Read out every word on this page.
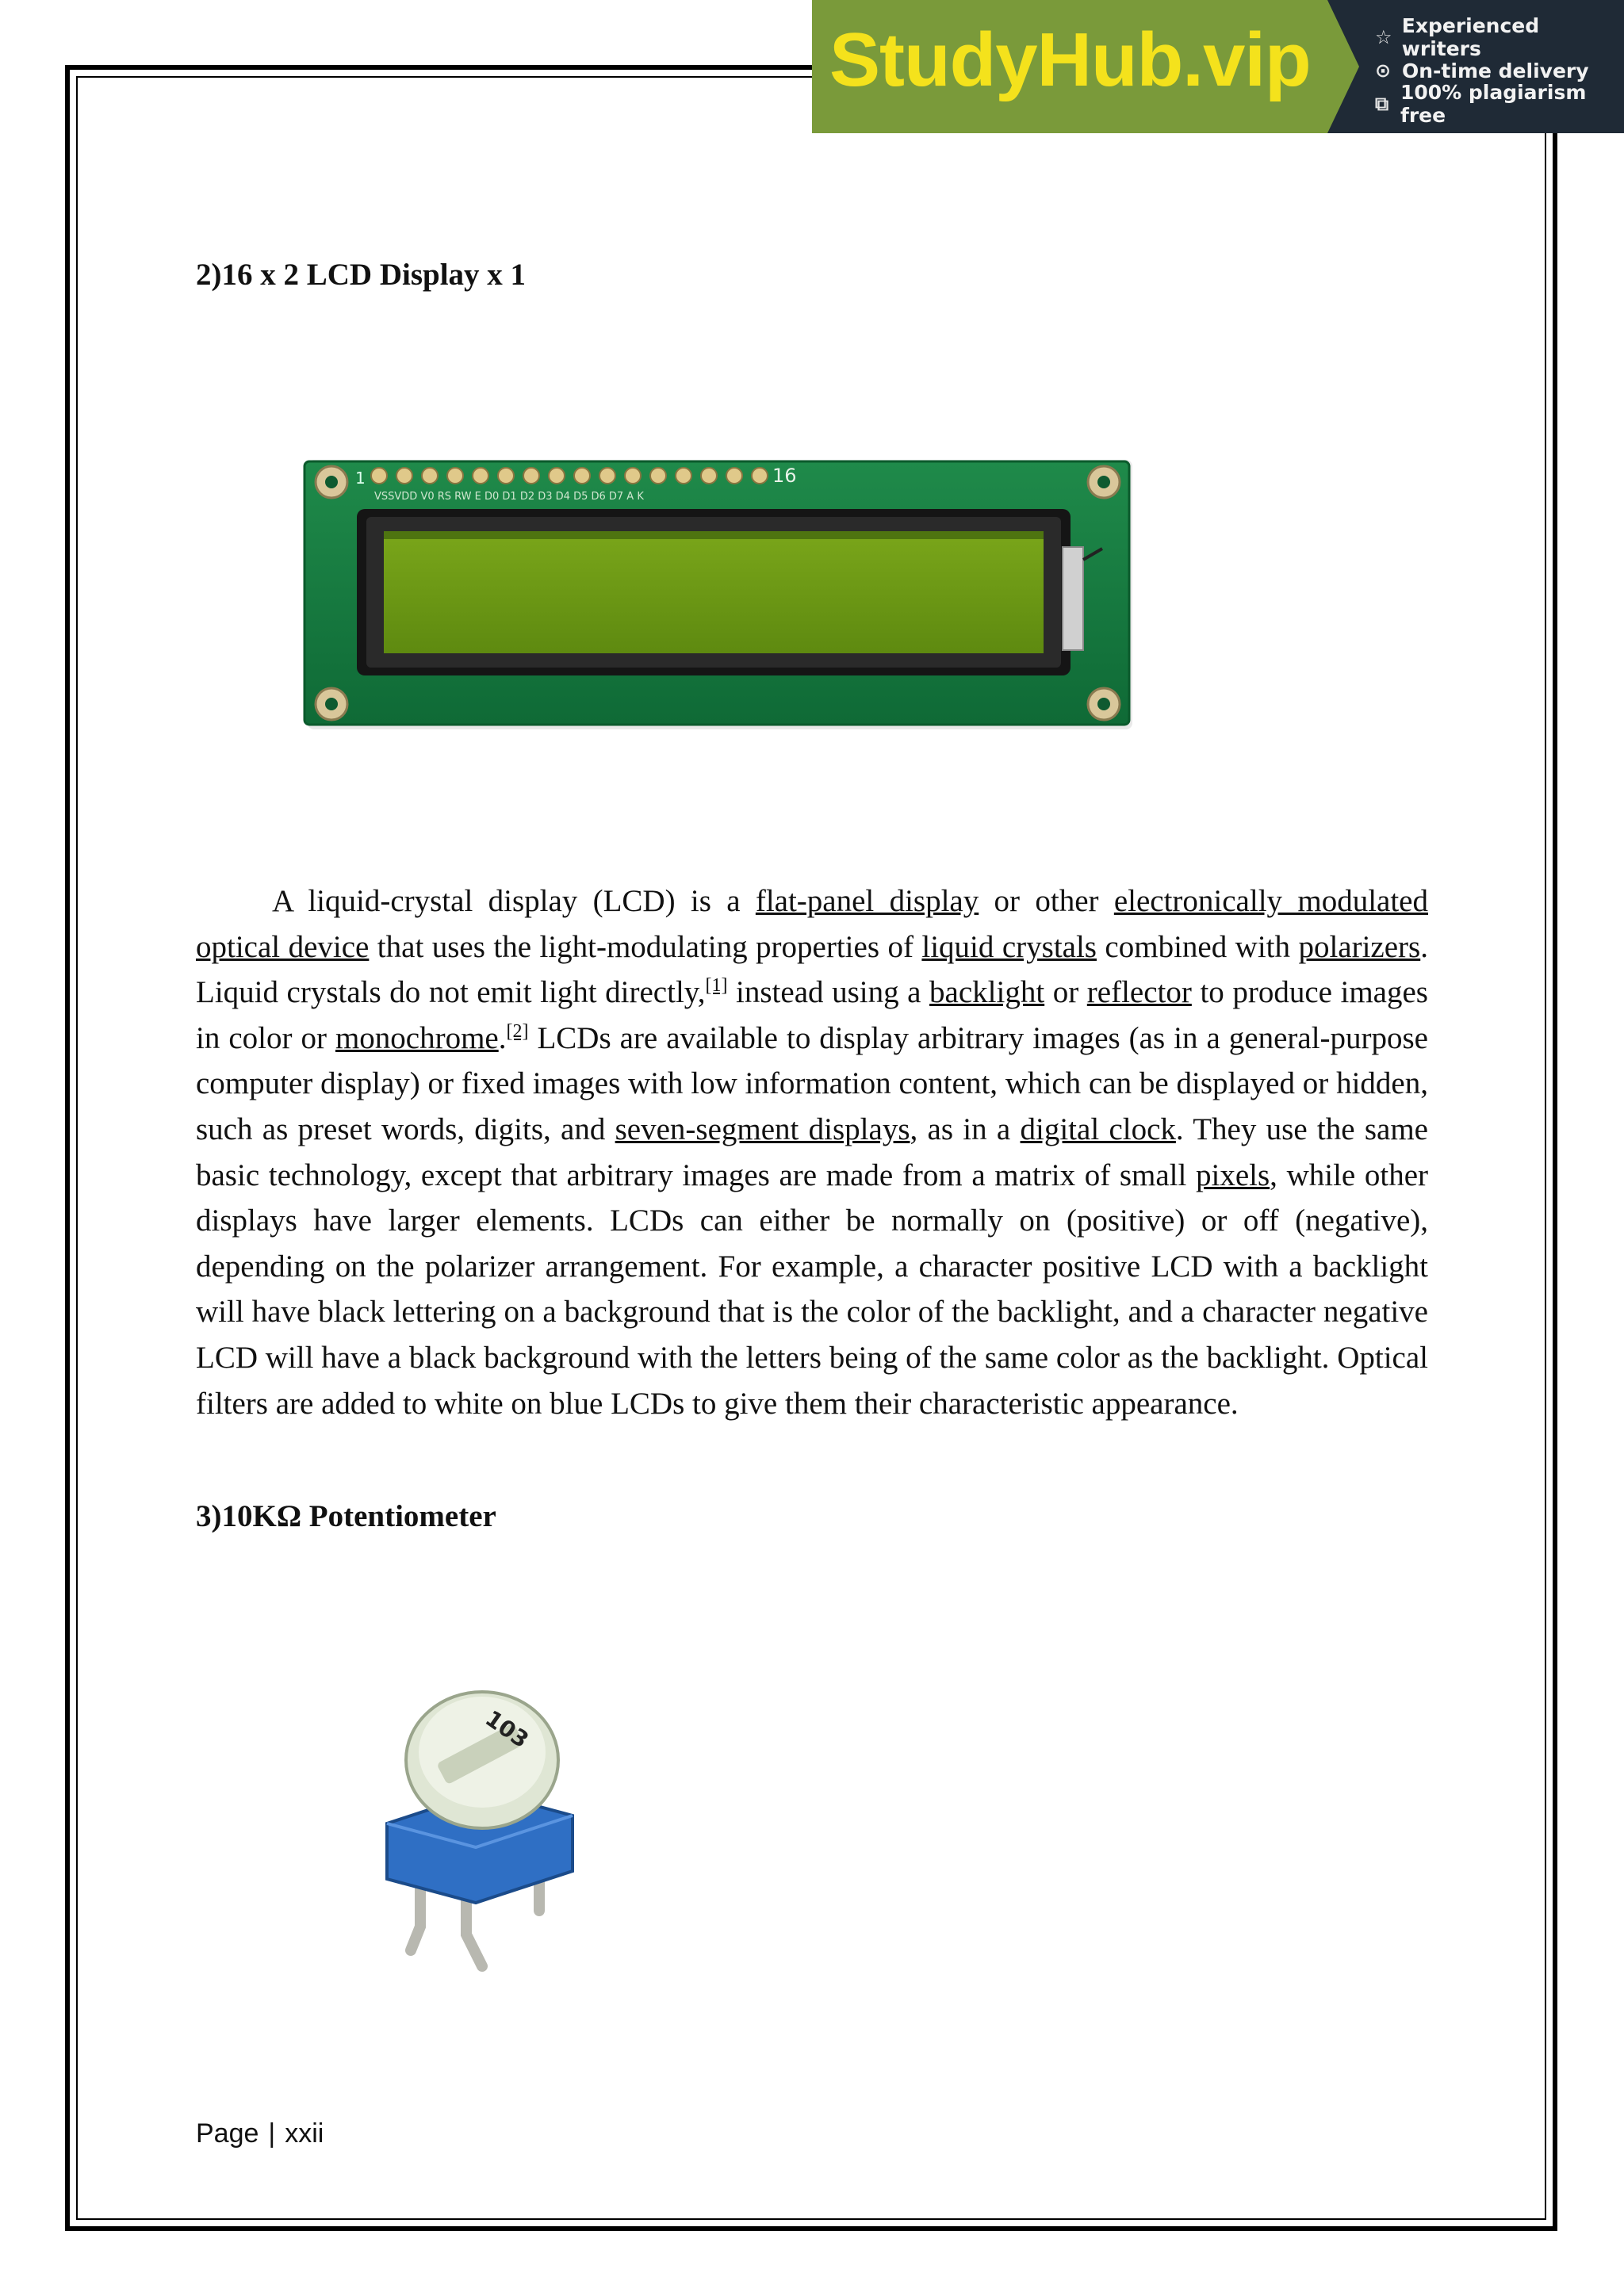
StudyHub.vip	☆ Experienced writers
⊙ On-time delivery
⧉ 100% plagiarism free
2)16 x 2 LCD Display x 1
1	16
VSSVDD V0 RS RW E D0 D1 D2 D3 D4 D5 D6 D7 A K

A liquid-crystal display (LCD) is a flat-panel display or other electronically modulated optical device that uses the light-modulating properties of liquid crystals combined with polarizers. Liquid crystals do not emit light directly,[1] instead using a backlight or reflector to produce images in color or monochrome.[2] LCDs are available to display arbitrary images (as in a general-purpose computer display) or fixed images with low information content, which can be displayed or hidden, such as preset words, digits, and seven-segment displays, as in a digital clock. They use the same basic technology, except that arbitrary images are made from a matrix of small pixels, while other displays have larger elements. LCDs can either be normally on (positive) or off (negative), depending on the polarizer arrangement. For example, a character positive LCD with a backlight will have black lettering on a background that is the color of the backlight, and a character negative LCD will have a black background with the letters being of the same color as the backlight. Optical filters are added to white on blue LCDs to give them their characteristic appearance.

3)10KΩ Potentiometer
103
Page | xxii
